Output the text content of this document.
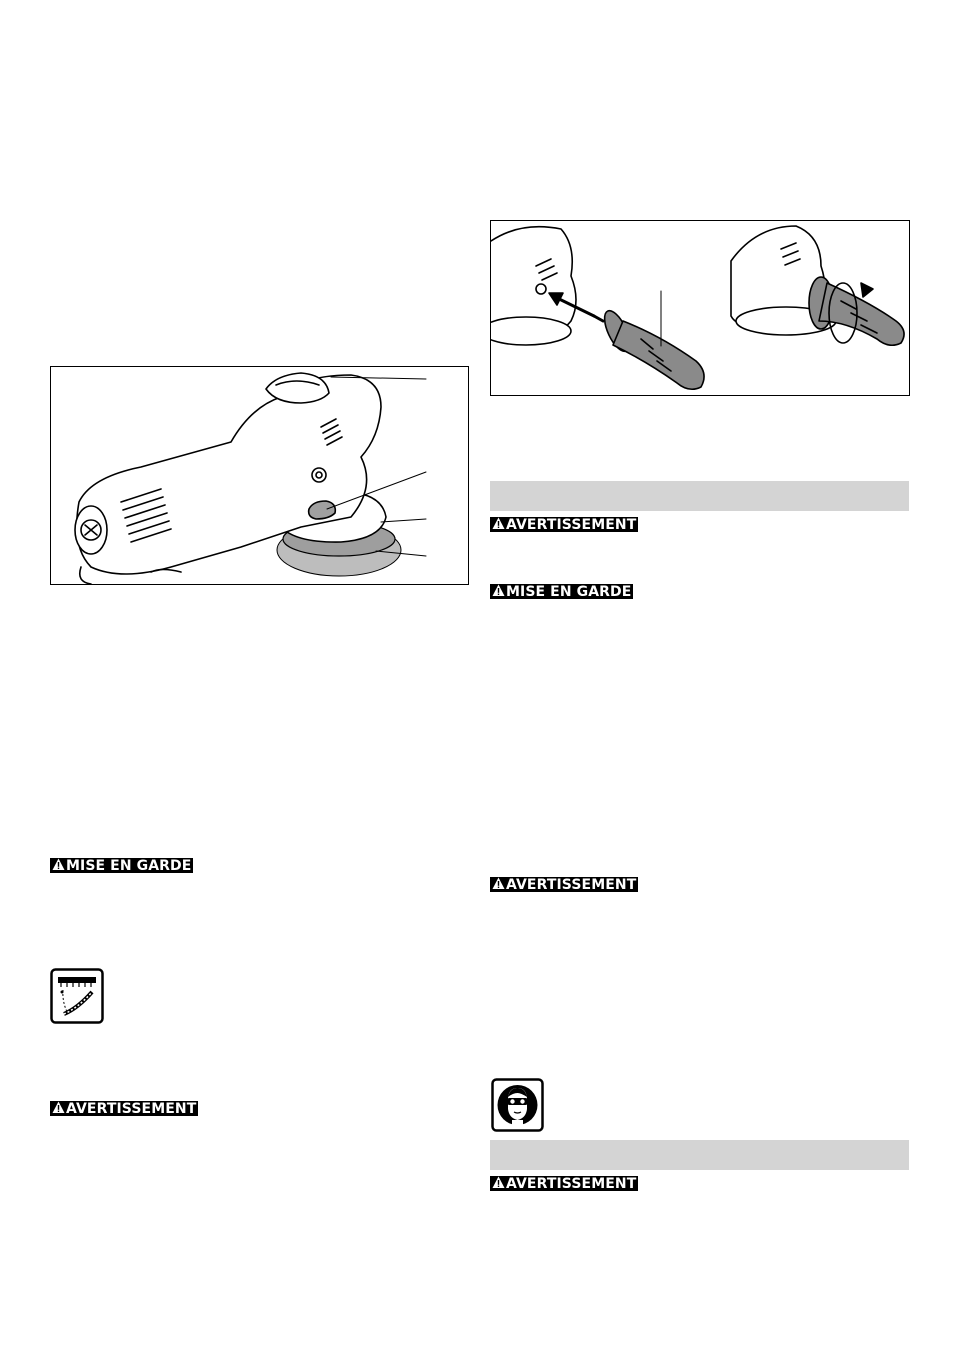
AVERTISSEMENT
MISE EN GARDE
AVERTISSEMENT
AVERTISSEMENT
MISE EN GARDE
AVERTISSEMENT
